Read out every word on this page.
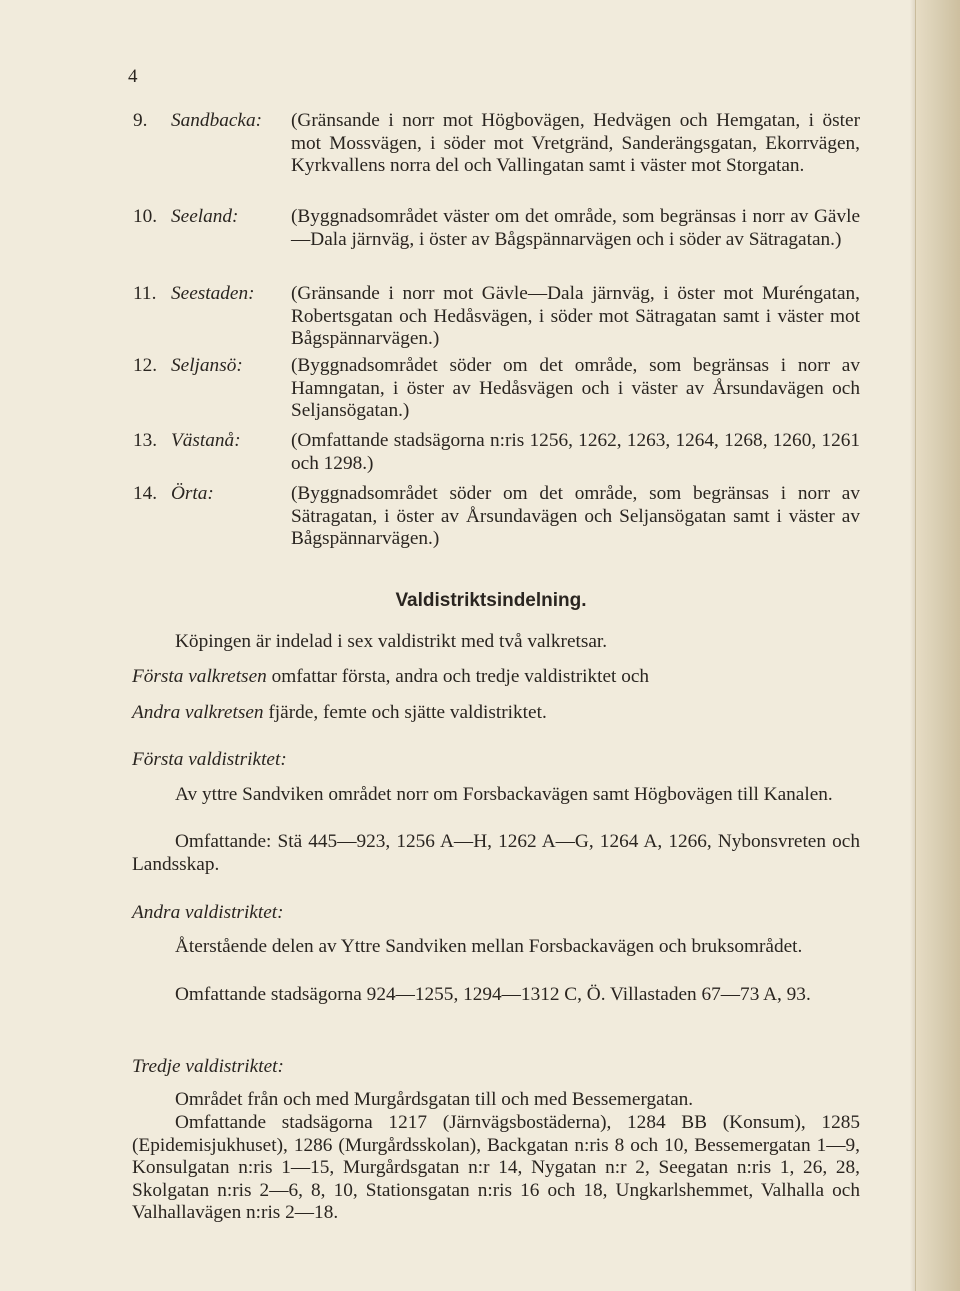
4
9.	Sandbacka: (Gränsande i norr mot Högbovägen, Hedvägen och Hemgatan, i öster mot Mossvägen, i söder mot Vretgränd, Sanderängsgatan, Ekorrvägen, Kyrkvallens norra del och Vallingatan samt i väster mot Storgatan.
10. Seeland:	(Byggnadsområdet väster om det område, som begränsas i norr av Gävle—Dala järnväg, i öster av Bågspännarvägen och i söder av Sätragatan.)
11. Seestaden: (Gränsande i norr mot Gävle—Dala järnväg, i öster mot Muréngatan, Robertsgatan och Hedåsvägen, i söder mot Sätragatan samt i väster mot Bågspännarvägen.)
12. Seljansö: (Byggnadsområdet söder om det område, som begränsas i norr av Hamngatan, i öster av Hedåsvägen och i väster av Årsundavägen och Seljansögatan.)
13. Västanå:	(Omfattande stadsägorna n:ris 1256, 1262, 1263, 1264, 1268, 1260, 1261 och 1298.)
14. Örta:	(Byggnadsområdet söder om det område, som begränsas i norr av Sätragatan, i öster av Årsundavägen och Seljansögatan samt i väster av Bågspännarvägen.)
Valdistriktsindelning.
Köpingen är indelad i sex valdistrikt med två valkretsar.
Första valkretsen omfattar första, andra och tredje valdistriktet och
Andra valkretsen fjärde, femte och sjätte valdistriktet.
Första valdistriktet:
Av yttre Sandviken området norr om Forsbackavägen samt Högbovägen till Kanalen.
Omfattande: Stä 445—923, 1256 A—H, 1262 A—G, 1264 A, 1266, Nybonsvreten och Landsskap.
Andra valdistriktet:
Återstående delen av Yttre Sandviken mellan Forsbackavägen och bruksområdet.
Omfattande stadsägorna 924—1255, 1294—1312 C, Ö. Villastaden 67—73 A, 93.
Tredje valdistriktet:
Området från och med Murgårdsgatan till och med Bessemergatan.
Omfattande stadsägorna 1217 (Järnvägsbostäderna), 1284 BB (Konsum), 1285 (Epidemisjukhuset), 1286 (Murgårdsskolan), Backgatan n:ris 8 och 10, Bessemergatan 1—9, Konsulgatan n:ris 1—15, Murgårdsgatan n:r 14, Nygatan n:r 2, Seegatan n:ris 1, 26, 28, Skolgatan n:ris 2—6, 8, 10, Stationsgatan n:ris 16 och 18, Ungkarlshemmet, Valhalla och Valhallavägen n:ris 2—18.
